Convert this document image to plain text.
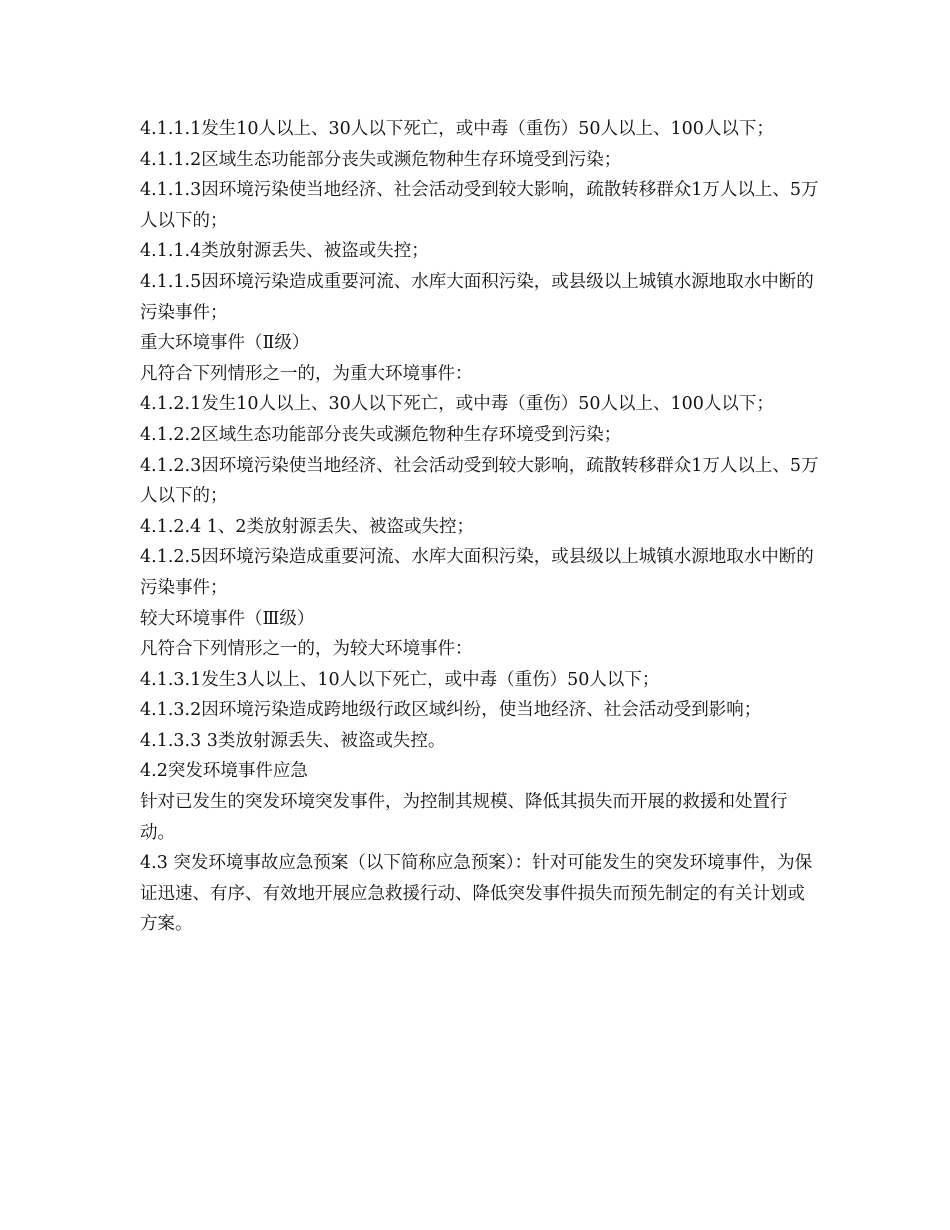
4.1.1.1发生10人以上、30人以下死亡，或中毒（重伤）50人以上、100人以下；

4.1.1.2区域生态功能部分丧失或濒危物种生存环境受到污染；

4.1.1.3因环境污染使当地经济、社会活动受到较大影响，疏散转移群众1万人以上、5万人以下的；

4.1.1.4类放射源丢失、被盗或失控；

4.1.1.5因环境污染造成重要河流、水库大面积污染，或县级以上城镇水源地取水中断的污染事件；

重大环境事件（Ⅱ级）

凡符合下列情形之一的，为重大环境事件：

4.1.2.1发生10人以上、30人以下死亡，或中毒（重伤）50人以上、100人以下；

4.1.2.2区域生态功能部分丧失或濒危物种生存环境受到污染；

4.1.2.3因环境污染使当地经济、社会活动受到较大影响，疏散转移群众1万人以上、5万人以下的；

4.1.2.4 1、2类放射源丢失、被盗或失控；

4.1.2.5因环境污染造成重要河流、水库大面积污染，或县级以上城镇水源地取水中断的污染事件；

较大环境事件（Ⅲ级）

凡符合下列情形之一的，为较大环境事件：

4.1.3.1发生3人以上、10人以下死亡，或中毒（重伤）50人以下；

4.1.3.2因环境污染造成跨地级行政区域纠纷，使当地经济、社会活动受到影响；

4.1.3.3 3类放射源丢失、被盗或失控。

4.2突发环境事件应急

针对已发生的突发环境突发事件，为控制其规模、降低其损失而开展的救援和处置行动。

4.3 突发环境事故应急预案（以下简称应急预案）：针对可能发生的突发环境事件，为保证迅速、有序、有效地开展应急救援行动、降低突发事件损失而预先制定的有关计划或方案。
